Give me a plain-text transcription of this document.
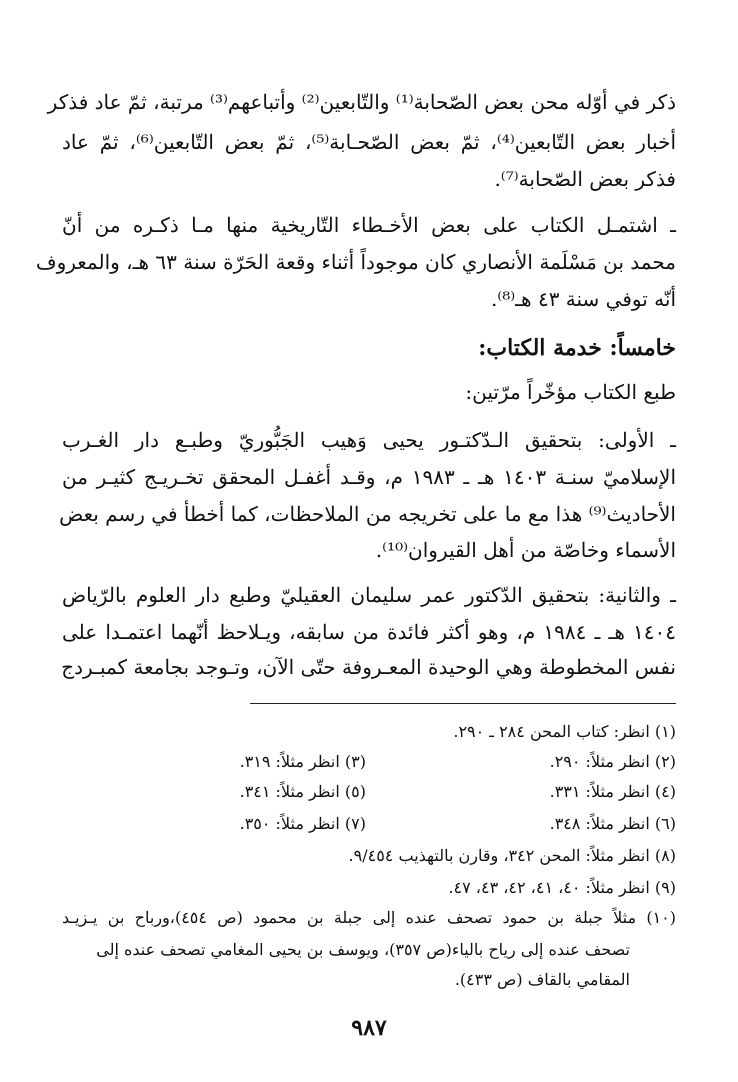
ذكر في أوّله محن بعض الصّحابة⁽¹⁾ والتّابعين⁽²⁾ وأتباعهم⁽³⁾ مرتبة، ثمّ عاد فذكر
أخبار بعض التّابعين⁽⁴⁾، ثمّ بعض الصّحـابة⁽⁵⁾، ثمّ بعض التّابعين⁽⁶⁾، ثمّ عاد
فذكر بعض الصّحابة⁽⁷⁾.
ـ اشتمـل الكتاب على بعض الأخـطاء التّاريخية منها مـا ذكـره من أنّ
محمد بن مَسْلَمة الأنصاري كان موجوداً أثناء وقعة الحَرّة سنة ٦٣ هـ، والمعروف
أنّه توفي سنة ٤٣ هـ⁽⁸⁾.
خامساً: خدمة الكتاب:
طبع الكتاب مؤخّراً مرّتين:
ـ الأولى: بتحقيق الـدّكتـور يحيى وَهيب الجَبُّوريّ وطبـع دار الغـرب
الإسلاميّ سنـة ١٤٠٣ هـ ـ ١٩٨٣ م، وقـد أغفـل المحقق تخـريـج كثيـر من
الأحاديث⁽⁹⁾ هذا مع ما على تخريجه من الملاحظات، كما أخطأ في رسم بعض
الأسماء وخاصّة من أهل القيروان⁽¹⁰⁾.
ـ والثانية: بتحقيق الدّكتور عمر سليمان العقيليّ وطبع دار العلوم بالرّياض
١٤٠٤ هـ ـ ١٩٨٤ م، وهو أكثر فائدة من سابقه، ويـلاحظ أنّهما اعتمـدا على
نفس المخطوطة وهي الوحيدة المعـروفة حتّى الآن، وتـوجد بجامعة كمبـردج
(١) انظر: كتاب المحن ٢٨٤ ـ ٢٩٠.
(٢) انظر مثلاً: ٢٩٠.
(٣) انظر مثلاً: ٣١٩.
(٤) انظر مثلاً: ٣٣١.
(٥) انظر مثلاً: ٣٤١.
(٦) انظر مثلاً: ٣٤٨.
(٧) انظر مثلاً: ٣٥٠.
(٨) انظر مثلاً: المحن ٣٤٢، وقارن بالتهذيب ٩/٤٥٤.
(٩) انظر مثلاً: ٤٠، ٤١، ٤٢، ٤٣، ٤٧.
(١٠) مثلاً جبلة بن حمود تصحف عنده إلى جبلة بن محمود (ص ٤٥٤)،ورباح بن يـزيـد
تصحف عنده إلى رياح بالياء(ص ٣٥٧)، ويوسف بن يحيى المغامي تصحف عنده إلى
المقامي بالقاف (ص ٤٣٣).
٩٨٧
